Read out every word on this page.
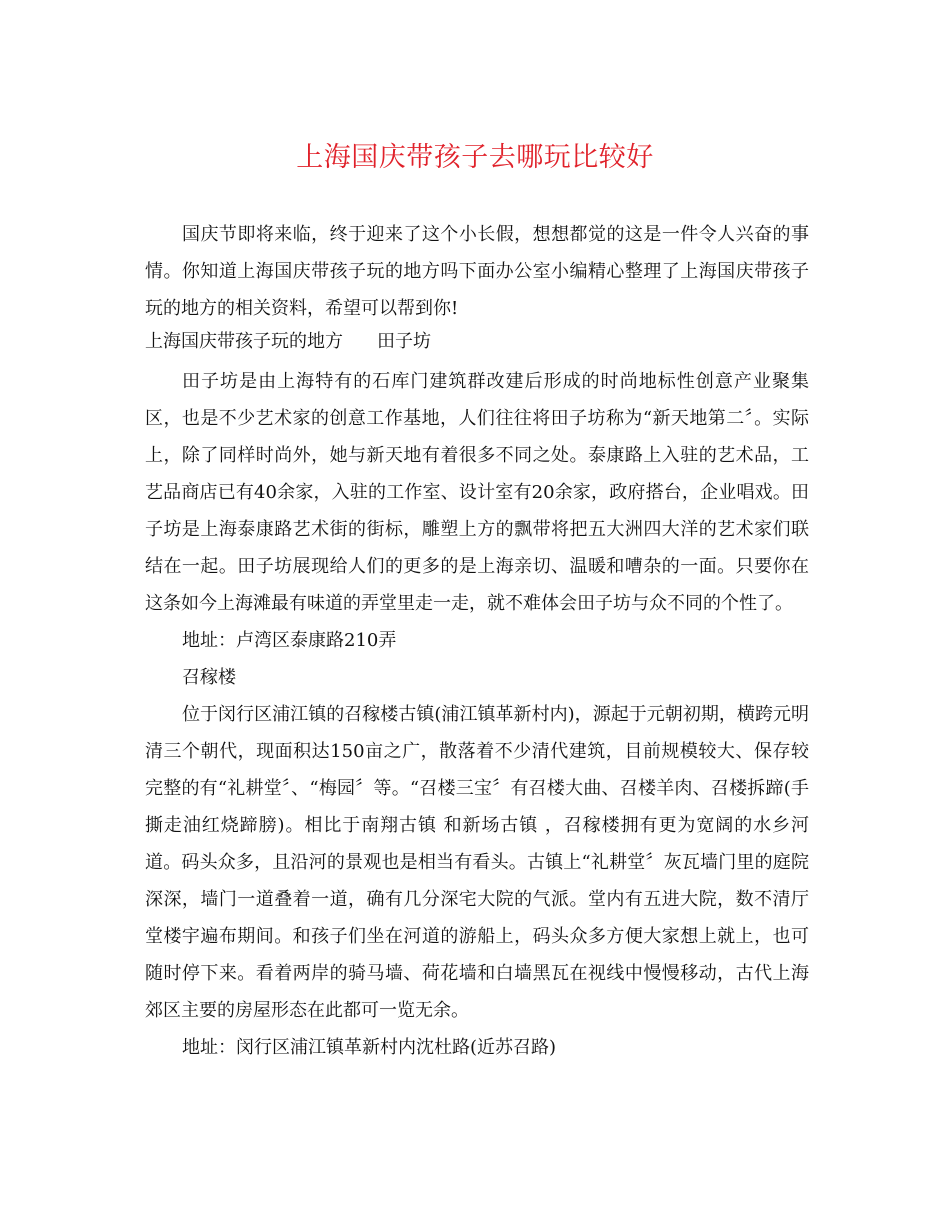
上海国庆带孩子去哪玩比较好

国庆节即将来临，终于迎来了这个小长假，想想都觉的这是一件令人兴奋的事情。你知道上海国庆带孩子玩的地方吗下面办公室小编精心整理了上海国庆带孩子玩的地方的相关资料，希望可以帮到你!

上海国庆带孩子玩的地方 田子坊

田子坊是由上海特有的石库门建筑群改建后形成的时尚地标性创意产业聚集区，也是不少艺术家的创意工作基地，人们往往将田子坊称为“新天地第二〞。实际上，除了同样时尚外，她与新天地有着很多不同之处。泰康路上入驻的艺术品，工艺品商店已有40余家，入驻的工作室、设计室有20余家，政府搭台，企业唱戏。田子坊是上海泰康路艺术街的街标，雕塑上方的飘带将把五大洲四大洋的艺术家们联结在一起。田子坊展现给人们的更多的是上海亲切、温暖和嘈杂的一面。只要你在这条如今上海滩最有味道的弄堂里走一走，就不难体会田子坊与众不同的个性了。

地址：卢湾区泰康路210弄

召稼楼

位于闵行区浦江镇的召稼楼古镇(浦江镇革新村内)，源起于元朝初期，横跨元明清三个朝代，现面积达150亩之广，散落着不少清代建筑，目前规模较大、保存较完整的有“礼耕堂〞、“梅园〞等。“召楼三宝〞有召楼大曲、召楼羊肉、召楼拆蹄(手撕走油红烧蹄膀)。相比于南翔古镇 和新场古镇 ，召稼楼拥有更为宽阔的水乡河道。码头众多，且沿河的景观也是相当有看头。古镇上“礼耕堂〞灰瓦墙门里的庭院深深，墙门一道叠着一道，确有几分深宅大院的气派。堂内有五进大院，数不清厅堂楼宇遍布期间。和孩子们坐在河道的游船上，码头众多方便大家想上就上，也可随时停下来。看着两岸的骑马墙、荷花墙和白墙黑瓦在视线中慢慢移动，古代上海郊区主要的房屋形态在此都可一览无余。

地址：闵行区浦江镇革新村内沈杜路(近苏召路)
